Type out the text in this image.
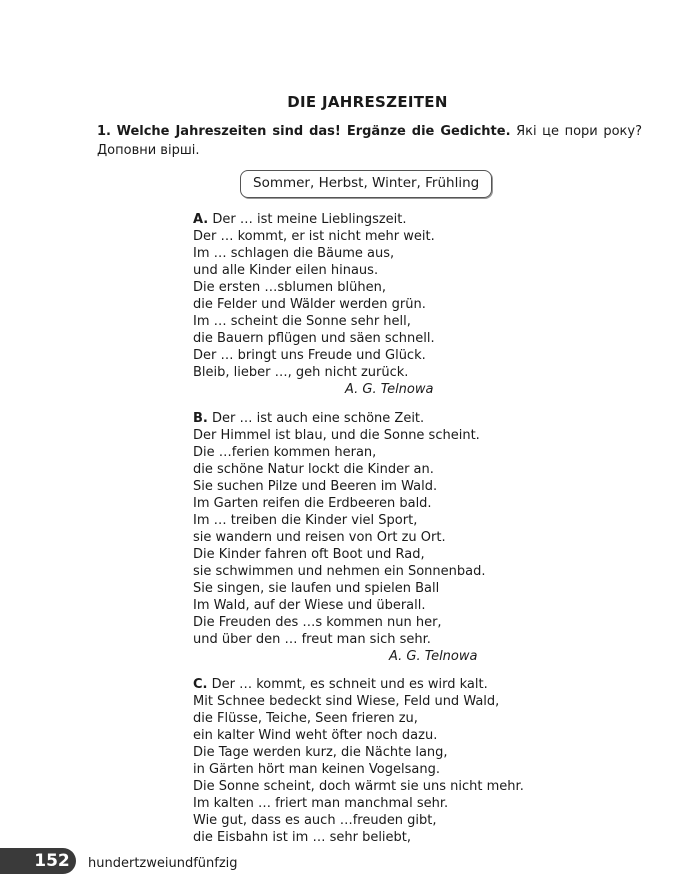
DIE JAHRESZEITEN

1. Welche Jahreszeiten sind das! Ergänze die Gedichte. Які це пори року? Доповни вірші.

Sommer, Herbst, Winter, Frühling
A. Der … ist meine Lieblingszeit.
Der … kommt, er ist nicht mehr weit.
Im … schlagen die Bäume aus,
und alle Kinder eilen hinaus.
Die ersten …sblumen blühen,
die Felder und Wälder werden grün.
Im … scheint die Sonne sehr hell,
die Bauern pflügen und säen schnell.
Der … bringt uns Freude und Glück.
Bleib, lieber …, geh nicht zurück.
A. G. Telnowa
B. Der … ist auch eine schöne Zeit.
Der Himmel ist blau, und die Sonne scheint.
Die …ferien kommen heran,
die schöne Natur lockt die Kinder an.
Sie suchen Pilze und Beeren im Wald.
Im Garten reifen die Erdbeeren bald.
Im … treiben die Kinder viel Sport,
sie wandern und reisen von Ort zu Ort.
Die Kinder fahren oft Boot und Rad,
sie schwimmen und nehmen ein Sonnenbad.
Sie singen, sie laufen und spielen Ball
Im Wald, auf der Wiese und überall.
Die Freuden des …s kommen nun her,
und über den … freut man sich sehr.
A. G. Telnowa
C. Der … kommt, es schneit und es wird kalt.
Mit Schnee bedeckt sind Wiese, Feld und Wald,
die Flüsse, Teiche, Seen frieren zu,
ein kalter Wind weht öfter noch dazu.
Die Tage werden kurz, die Nächte lang,
in Gärten hört man keinen Vogelsang.
Die Sonne scheint, doch wärmt sie uns nicht mehr.
Im kalten … friert man manchmal sehr.
Wie gut, dass es auch …freuden gibt,
die Eisbahn ist im … sehr beliebt,
152 hundertzweiundfünfzig
